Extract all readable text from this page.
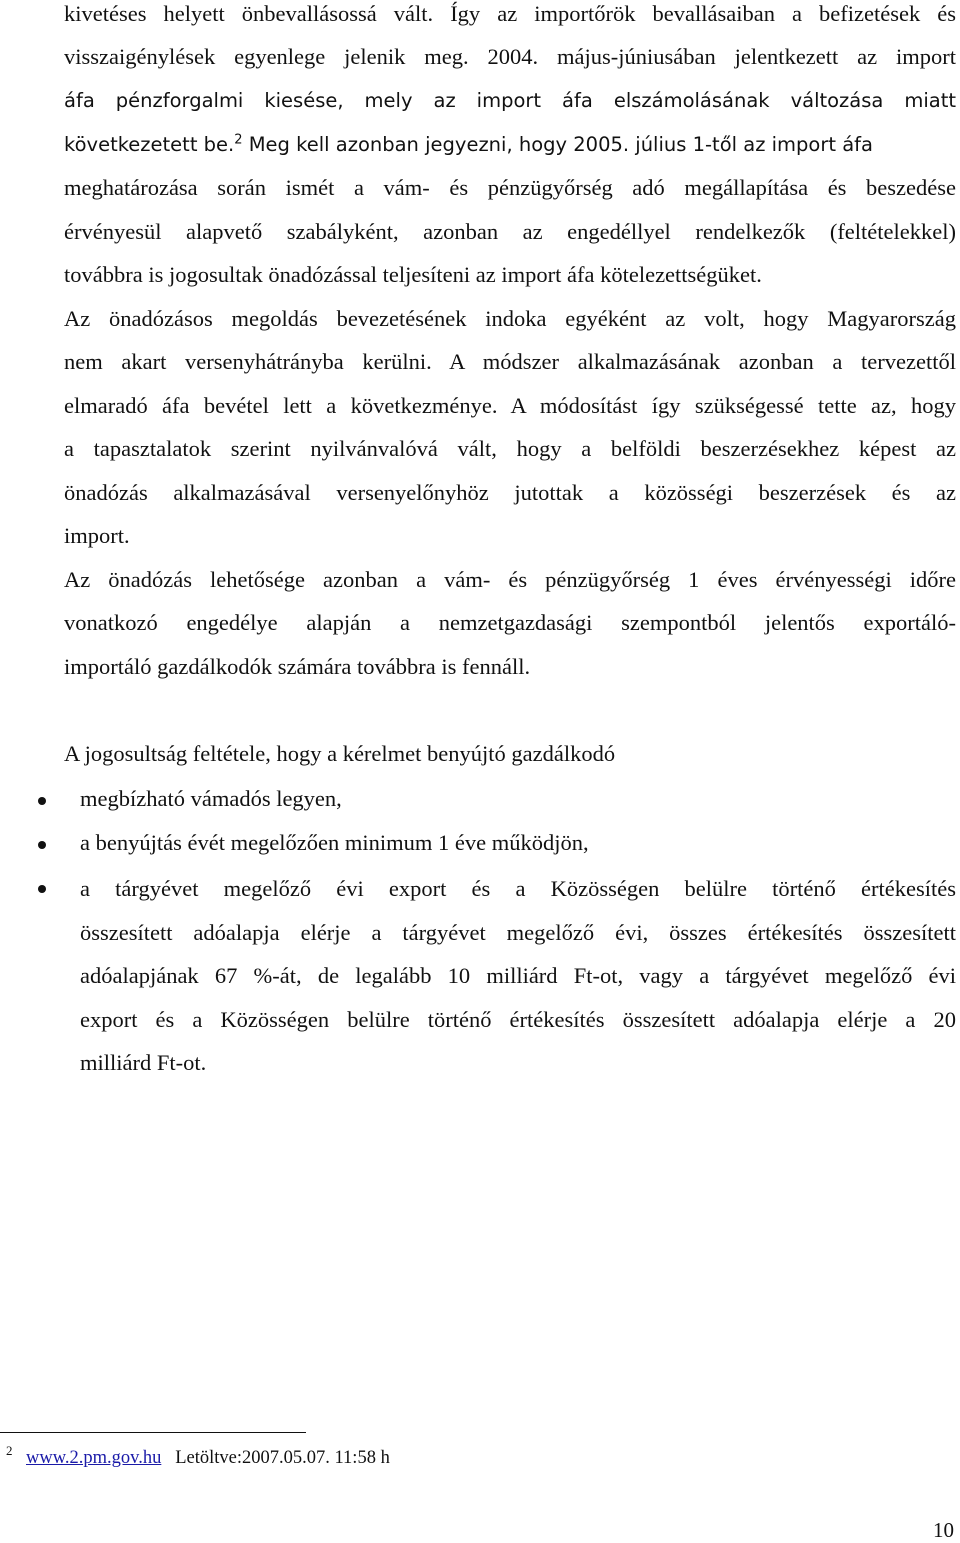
kivetéses helyett önbevallásossá vált. Így az importőrök bevallásaiban a befizetések és
visszaigénylések egyenlege jelenik meg. 2004. május-júniusában jelentkezett az import
áfa pénzforgalmi kiesése, mely az import áfa elszámolásának változása miatt
következetett be.$^2$ Meg kell azonban jegyezni, hogy 2005. július 1-től az import áfa
meghatározása során ismét a vám- és pénzügyőrség adó megállapítása és beszedése
érvényesül alapvető szabályként, azonban az engedéllyel rendelkezők (feltételekkel)
továbbra is jogosultak önadózással teljesíteni az import áfa kötelezettségüket.
Az önadózásos megoldás bevezetésének indoka egyéként az volt, hogy Magyarország
nem akart versenyhátrányba kerülni. A módszer alkalmazásának azonban a tervezettől
elmaradó áfa bevétel lett a következménye. A módosítást így szükségessé tette az, hogy
a tapasztalatok szerint nyilvánvalóvá vált, hogy a belföldi beszerzésekhez képest az
önadózás alkalmazásával versenyelőnyhöz jutottak a közösségi beszerzések és az
import.
Az önadózás lehetősége azonban a vám- és pénzügyőrség 1 éves érvényességi időre
vonatkozó engedélye alapján a nemzetgazdasági szempontból jelentős exportáló-
importáló gazdálkodók számára továbbra is fennáll.
A jogosultság feltétele, hogy a kérelmet benyújtó gazdálkodó
megbízható vámadós legyen,
a benyújtás évét megelőzően minimum 1 éve működjön,
a tárgyévet megelőző évi export és a Közösségen belülre történő értékesítés
összesített adóalapja elérje a tárgyévet megelőző évi, összes értékesítés összesített
adóalapjának 67 %-át, de legalább 10 milliárd Ft-ot, vagy a tárgyévet megelőző évi
export és a Közösségen belülre történő értékesítés összesített adóalapja elérje a 20
milliárd Ft-ot.
2 www.2.pm.gov.hu Letöltve:2007.05.07. 11:58 h
10
